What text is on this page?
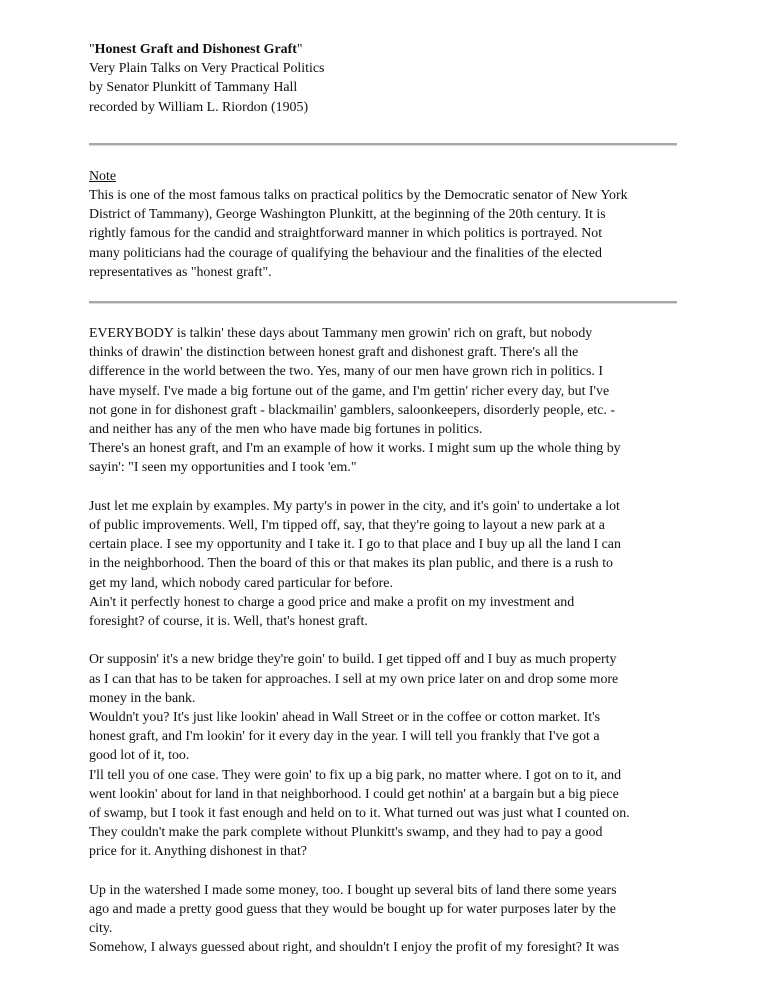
"Honest Graft and Dishonest Graft"
Very Plain Talks on Very Practical Politics
by Senator Plunkitt of Tammany Hall
recorded by William L. Riordon (1905)
Note
This is one of the most famous talks on practical politics by the Democratic senator of New York
District of Tammany), George Washington Plunkitt, at the beginning of the 20th century. It is
rightly famous for the candid and straightforward manner in which politics is portrayed. Not
many politicians had the courage of qualifying the behaviour and the finalities of the elected
representatives as "honest graft".
EVERYBODY is talkin' these days about Tammany men growin' rich on graft, but nobody
thinks of drawin' the distinction between honest graft and dishonest graft. There's all the
difference in the world between the two. Yes, many of our men have grown rich in politics. I
have myself. I've made a big fortune out of the game, and I'm gettin' richer every day, but I've
not gone in for dishonest graft - blackmailin' gamblers, saloonkeepers, disorderly people, etc. -
and neither has any of the men who have made big fortunes in politics.
There's an honest graft, and I'm an example of how it works. I might sum up the whole thing by
sayin': "I seen my opportunities and I took 'em."
Just let me explain by examples. My party's in power in the city, and it's goin' to undertake a lot
of public improvements. Well, I'm tipped off, say, that they're going to layout a new park at a
certain place. I see my opportunity and I take it. I go to that place and I buy up all the land I can
in the neighborhood. Then the board of this or that makes its plan public, and there is a rush to
get my land, which nobody cared particular for before.
Ain't it perfectly honest to charge a good price and make a profit on my investment and
foresight? of course, it is. Well, that's honest graft.
Or supposin' it's a new bridge they're goin' to build. I get tipped off and I buy as much property
as I can that has to be taken for approaches. I sell at my own price later on and drop some more
money in the bank.
Wouldn't you? It's just like lookin' ahead in Wall Street or in the coffee or cotton market. It's
honest graft, and I'm lookin' for it every day in the year. I will tell you frankly that I've got a
good lot of it, too.
I'll tell you of one case. They were goin' to fix up a big park, no matter where. I got on to it, and
went lookin' about for land in that neighborhood. I could get nothin' at a bargain but a big piece
of swamp, but I took it fast enough and held on to it. What turned out was just what I counted on.
They couldn't make the park complete without Plunkitt's swamp, and they had to pay a good
price for it. Anything dishonest in that?
Up in the watershed I made some money, too. I bought up several bits of land there some years
ago and made a pretty good guess that they would be bought up for water purposes later by the
city.
Somehow, I always guessed about right, and shouldn't I enjoy the profit of my foresight? It was
